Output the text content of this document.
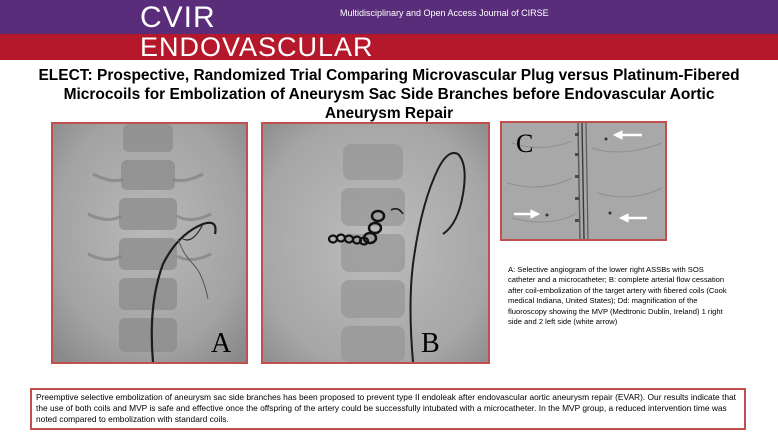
CVIR
ENDOVASCULAR
Multidisciplinary and Open Access Journal of CIRSE
ELECT: Prospective, Randomized Trial Comparing Microvascular Plug versus Platinum-Fibered Microcoils for Embolization of Aneurysm Sac Side Branches before Endovascular Aortic Aneurysm Repair
A	B
C
A: Selective angiogram of the lower right ASSBs with SOS catheter and a microcatheter; B: complete arterial flow cessation after coil-embolization of the target artery with fibered coils (Cook medical Indiana, United States); Dd: magnification of the fluoroscopy showing the MVP (Medtronic Dublin, Ireland) 1 right side and 2 left side (white arrow)
Preemptive selective embolization of aneurysm sac side branches has been proposed to prevent type II endoleak after endovascular aortic aneurysm repair (EVAR). Our results indicate that the use of both coils and MVP is safe and effective once the offspring of the artery could be successfully intubated with a microcatheter. In the MVP group, a reduced intervention time was noted compared to embolization with standard coils.
